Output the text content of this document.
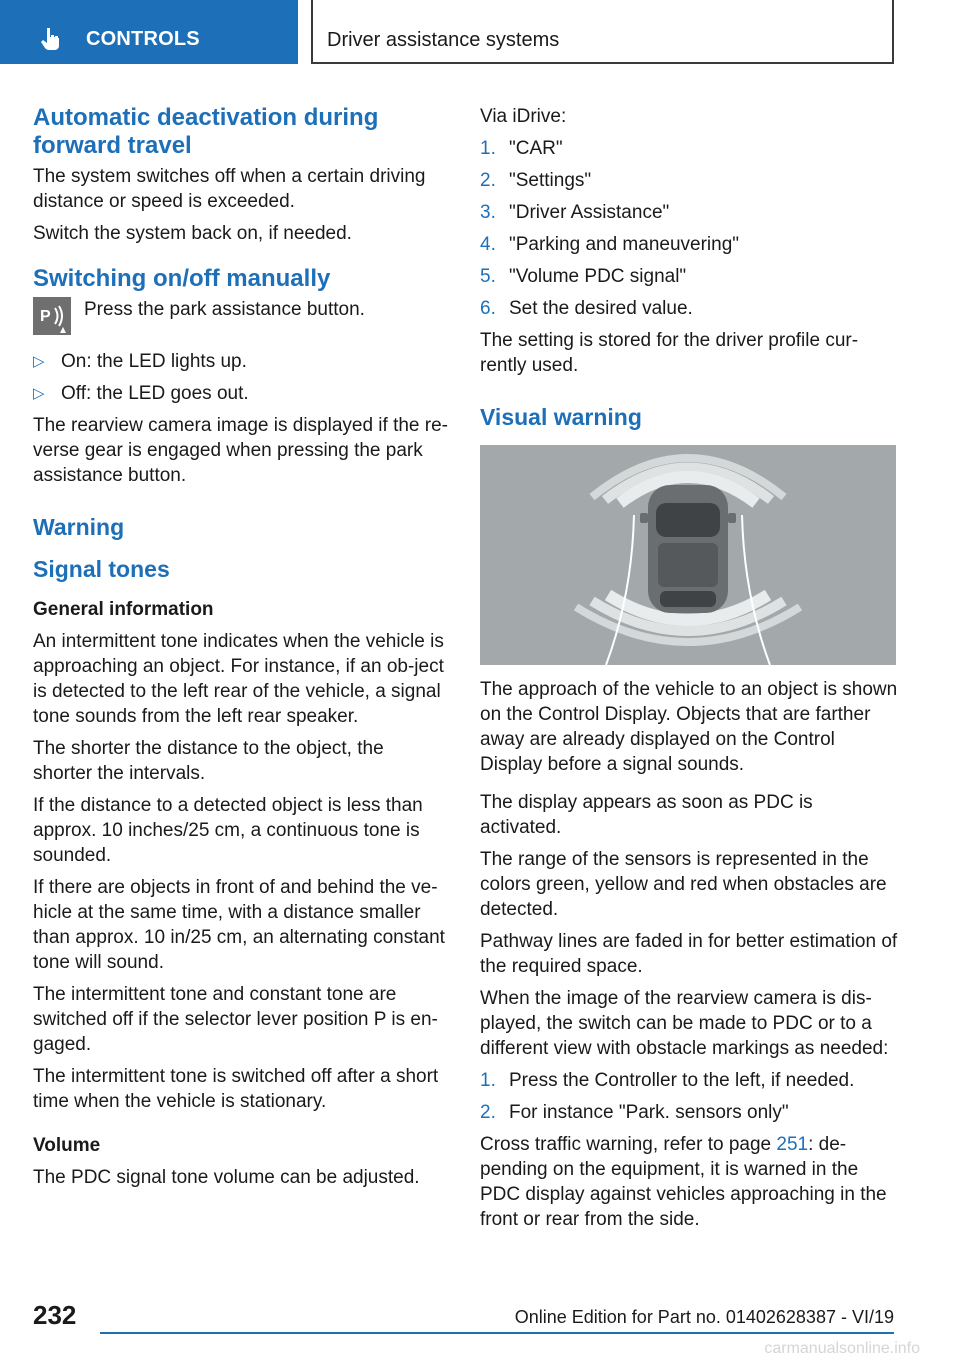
CONTROLS	Driver assistance systems
Automatic deactivation during forward travel

The system switches off when a certain driving distance or speed is exceeded.

Switch the system back on, if needed.

Switching on/off manually
P Press the park assistance button.
▷ On: the LED lights up.
▷ Off: the LED goes out.

The rearview camera image is displayed if the re-verse gear is engaged when pressing the park assistance button.

Warning
Signal tones
General information

An intermittent tone indicates when the vehicle is approaching an object. For instance, if an ob-ject is detected to the left rear of the vehicle, a signal tone sounds from the left rear speaker.

The shorter the distance to the object, the shorter the intervals.

If the distance to a detected object is less than approx. 10 inches/25 cm, a continuous tone is sounded.

If there are objects in front of and behind the ve-hicle at the same time, with a distance smaller than approx. 10 in/25 cm, an alternating constant tone will sound.

The intermittent tone and constant tone are switched off if the selector lever position P is en-gaged.

The intermittent tone is switched off after a short time when the vehicle is stationary.

Volume

The PDC signal tone volume can be adjusted.

Via iDrive:

1. "CAR"
2. "Settings"
3. "Driver Assistance"
4. "Parking and maneuvering"
5. "Volume PDC signal"
6. Set the desired value.

The setting is stored for the driver profile cur-rently used.

Visual warning

The approach of the vehicle to an object is shown on the Control Display. Objects that are farther away are already displayed on the Control Display before a signal sounds.

The display appears as soon as PDC is activated.

The range of the sensors is represented in the colors green, yellow and red when obstacles are detected.

Pathway lines are faded in for better estimation of the required space.

When the image of the rearview camera is dis-played, the switch can be made to PDC or to a different view with obstacle markings as needed:

1. Press the Controller to the left, if needed.
2. For instance "Park. sensors only"

Cross traffic warning, refer to page 251: de-pending on the equipment, it is warned in the PDC display against vehicles approaching in the front or rear from the side.

232	Online Edition for Part no. 01402628387 - VI/19
carmanualsonline.info
